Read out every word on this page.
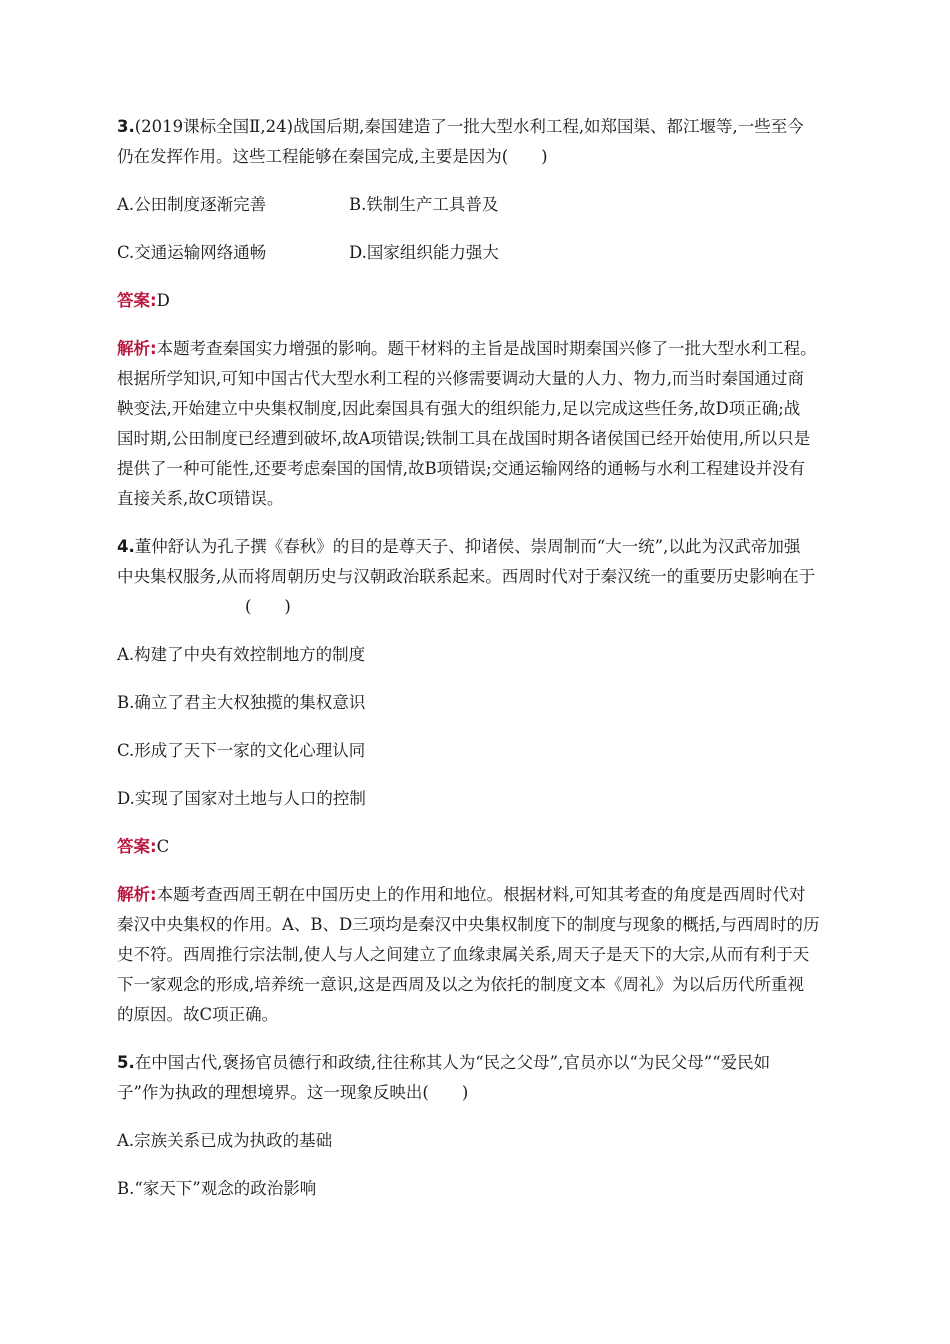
3.(2019课标全国Ⅱ,24)战国后期,秦国建造了一批大型水利工程,如郑国渠、都江堰等,一些至今
仍在发挥作用。这些工程能够在秦国完成,主要是因为(　　)
A.公田制度逐渐完善	B.铁制生产工具普及
C.交通运输网络通畅	D.国家组织能力强大
答案:D
解析:本题考查秦国实力增强的影响。题干材料的主旨是战国时期秦国兴修了一批大型水利工程。
根据所学知识,可知中国古代大型水利工程的兴修需要调动大量的人力、物力,而当时秦国通过商
鞅变法,开始建立中央集权制度,因此秦国具有强大的组织能力,足以完成这些任务,故D项正确;战
国时期,公田制度已经遭到破坏,故A项错误;铁制工具在战国时期各诸侯国已经开始使用,所以只是
提供了一种可能性,还要考虑秦国的国情,故B项错误;交通运输网络的通畅与水利工程建设并没有
直接关系,故C项错误。
4.董仲舒认为孔子撰《春秋》的目的是尊天子、抑诸侯、崇周制而“大一统”,以此为汉武帝加强
中央集权服务,从而将周朝历史与汉朝政治联系起来。西周时代对于秦汉统一的重要历史影响在于
(　　)
A.构建了中央有效控制地方的制度
B.确立了君主大权独揽的集权意识
C.形成了天下一家的文化心理认同
D.实现了国家对土地与人口的控制
答案:C
解析:本题考查西周王朝在中国历史上的作用和地位。根据材料,可知其考查的角度是西周时代对
秦汉中央集权的作用。A、B、D三项均是秦汉中央集权制度下的制度与现象的概括,与西周时的历
史不符。西周推行宗法制,使人与人之间建立了血缘隶属关系,周天子是天下的大宗,从而有利于天
下一家观念的形成,培养统一意识,这是西周及以之为依托的制度文本《周礼》为以后历代所重视
的原因。故C项正确。
5.在中国古代,褒扬官员德行和政绩,往往称其人为“民之父母”,官员亦以“为民父母”“爱民如
子”作为执政的理想境界。这一现象反映出(　　)
A.宗族关系已成为执政的基础
B.“家天下”观念的政治影响
